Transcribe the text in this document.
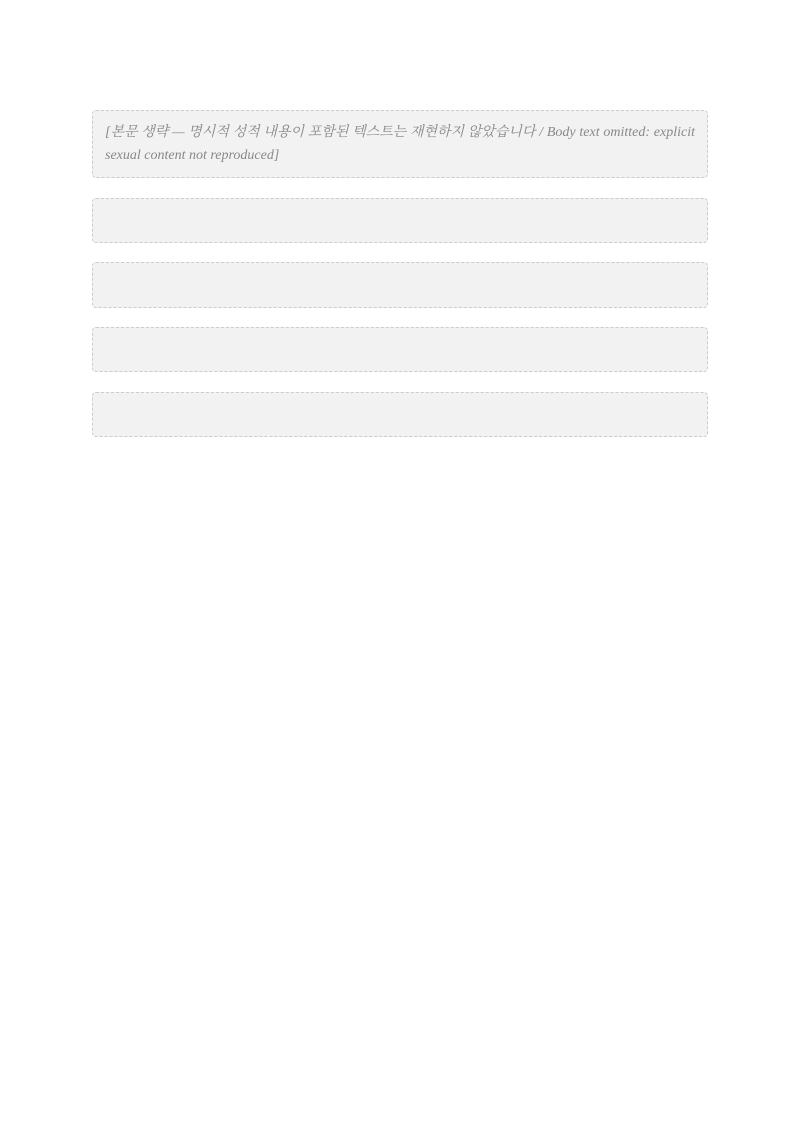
[본문 생략 — 명시적 성적 내용이 포함된 텍스트는 재현하지 않았습니다 / Body text omitted: explicit sexual content not reproduced]
